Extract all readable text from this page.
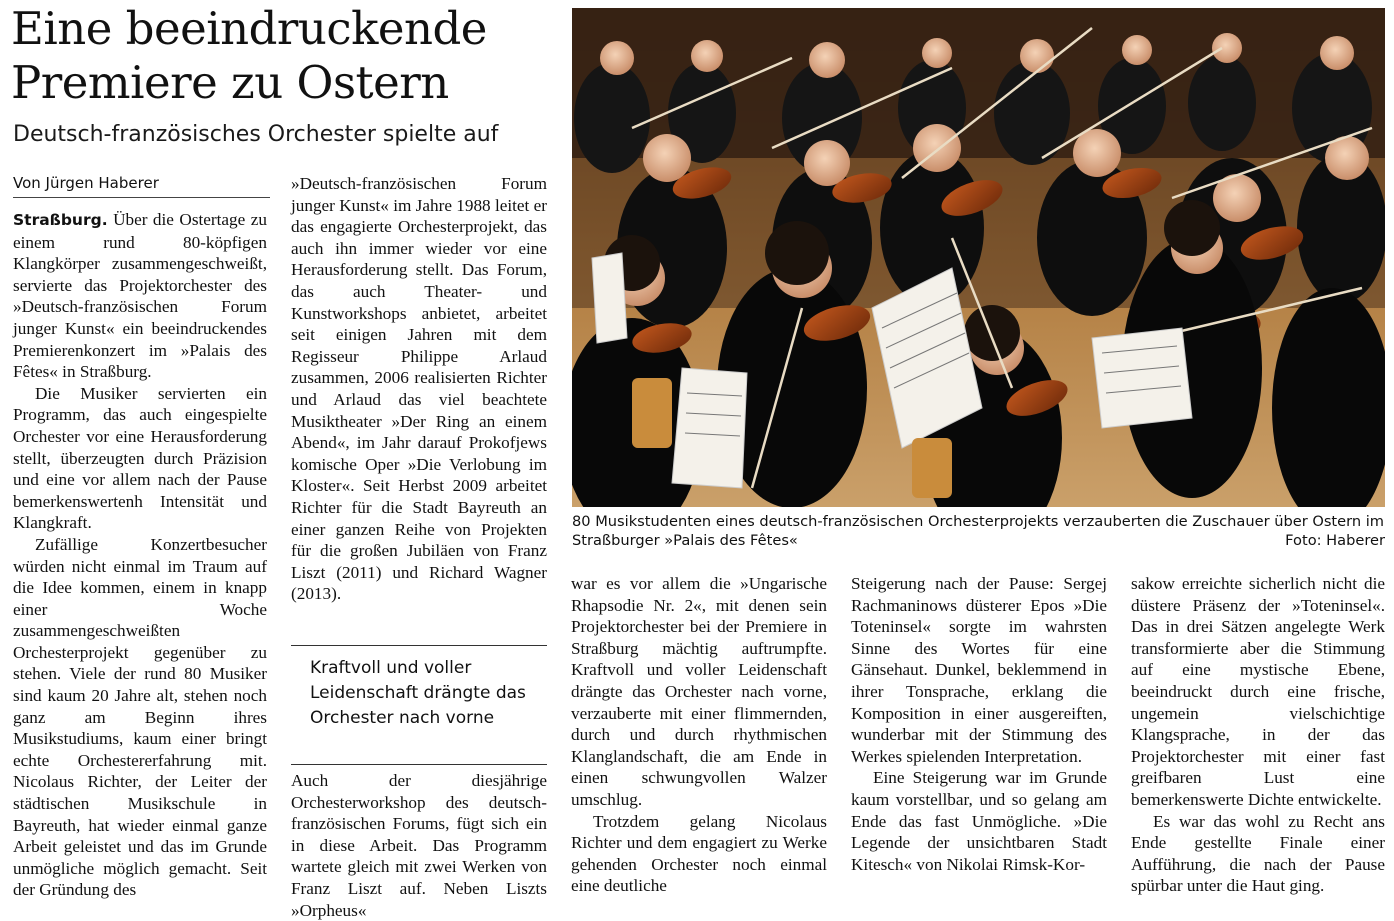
Eine beeindruckende
Premiere zu Ostern
Deutsch-französisches Orchester spielte auf
Von Jürgen Haberer

Straßburg. Über die Ostertage zu einem rund 80-köpfigen Klangkörper zusammengeschweißt, servierte das Projektorchester des »Deutsch-französischen Forum junger Kunst« ein beeindruckendes Premierenkonzert im »Palais des Fêtes« in Straßburg.

Die Musiker servierten ein Programm, das auch eingespielte Orchester vor eine Herausforderung stellt, überzeugten durch Präzision und eine vor allem nach der Pause bemerkenswertenh Intensität und Klangkraft.

Zufällige Konzertbesucher würden nicht einmal im Traum auf die Idee kommen, einem in knapp einer Woche zusammengeschweißten Orchesterprojekt gegenüber zu stehen. Viele der rund 80 Musiker sind kaum 20 Jahre alt, stehen noch ganz am Beginn ihres Musikstudiums, kaum einer bringt echte Orchestererfahrung mit. Nicolaus Richter, der Leiter der städtischen Musikschule in Bayreuth, hat wieder einmal ganze Arbeit geleistet und das im Grunde unmögliche möglich gemacht. Seit der Gründung des

»Deutsch-französischen Forum junger Kunst« im Jahre 1988 leitet er das engagierte Orchesterprojekt, das auch ihn immer wieder vor eine Herausforderung stellt. Das Forum, das auch Theater- und Kunstworkshops anbietet, arbeitet seit einigen Jahren mit dem Regisseur Philippe Arlaud zusammen, 2006 realisierten Richter und Arlaud das viel beachtete Musiktheater »Der Ring an einem Abend«, im Jahr darauf Prokofjews komische Oper »Die Verlobung im Kloster«. Seit Herbst 2009 arbeitet Richter für die Stadt Bayreuth an einer ganzen Reihe von Projekten für die großen Jubiläen von Franz Liszt (2011) und Richard Wagner (2013).

Kraftvoll und voller Leidenschaft drängte das Orchester nach vorne

Auch der diesjährige Orchesterworkshop des deutsch-französischen Forums, fügt sich ein in diese Arbeit. Das Programm wartete gleich mit zwei Werken von Franz Liszt auf. Neben Liszts »Orpheus«

80 Musikstudenten eines deutsch-französischen Orchesterprojekts verzauberten die Zuschauer über Ostern im Straßburger »Palais des Fêtes«	Foto: Haberer

war es vor allem die »Ungarische Rhapsodie Nr. 2«, mit denen sein Projektorchester bei der Premiere in Straßburg mächtig auftrumpfte. Kraftvoll und voller Leidenschaft drängte das Orchester nach vorne, verzauberte mit einer flimmernden, durch und durch rhythmischen Klanglandschaft, die am Ende in einen schwungvollen Walzer umschlug.

Trotzdem gelang Nicolaus Richter und dem engagiert zu Werke gehenden Orchester noch einmal eine deutliche

Steigerung nach der Pause: Sergej Rachmaninows düsterer Epos »Die Toteninsel« sorgte im wahrsten Sinne des Wortes für eine Gänsehaut. Dunkel, beklemmend in ihrer Tonsprache, erklang die Komposition in einer ausgereiften, wunderbar mit der Stimmung des Werkes spielenden Interpretation.

Eine Steigerung war im Grunde kaum vorstellbar, und so gelang am Ende das fast Unmögliche. »Die Legende der unsichtbaren Stadt Kitesch« von Nikolai Rimsk-Kor-

sakow erreichte sicherlich nicht die düstere Präsenz der »Toteninsel«. Das in drei Sätzen angelegte Werk transformierte aber die Stimmung auf eine mystische Ebene, beeindruckt durch eine frische, ungemein vielschichtige Klangsprache, in der das Projektorchester mit einer fast greifbaren Lust eine bemerkenswerte Dichte entwickelte.

Es war das wohl zu Recht ans Ende gestellte Finale einer Aufführung, die nach der Pause spürbar unter die Haut ging.
